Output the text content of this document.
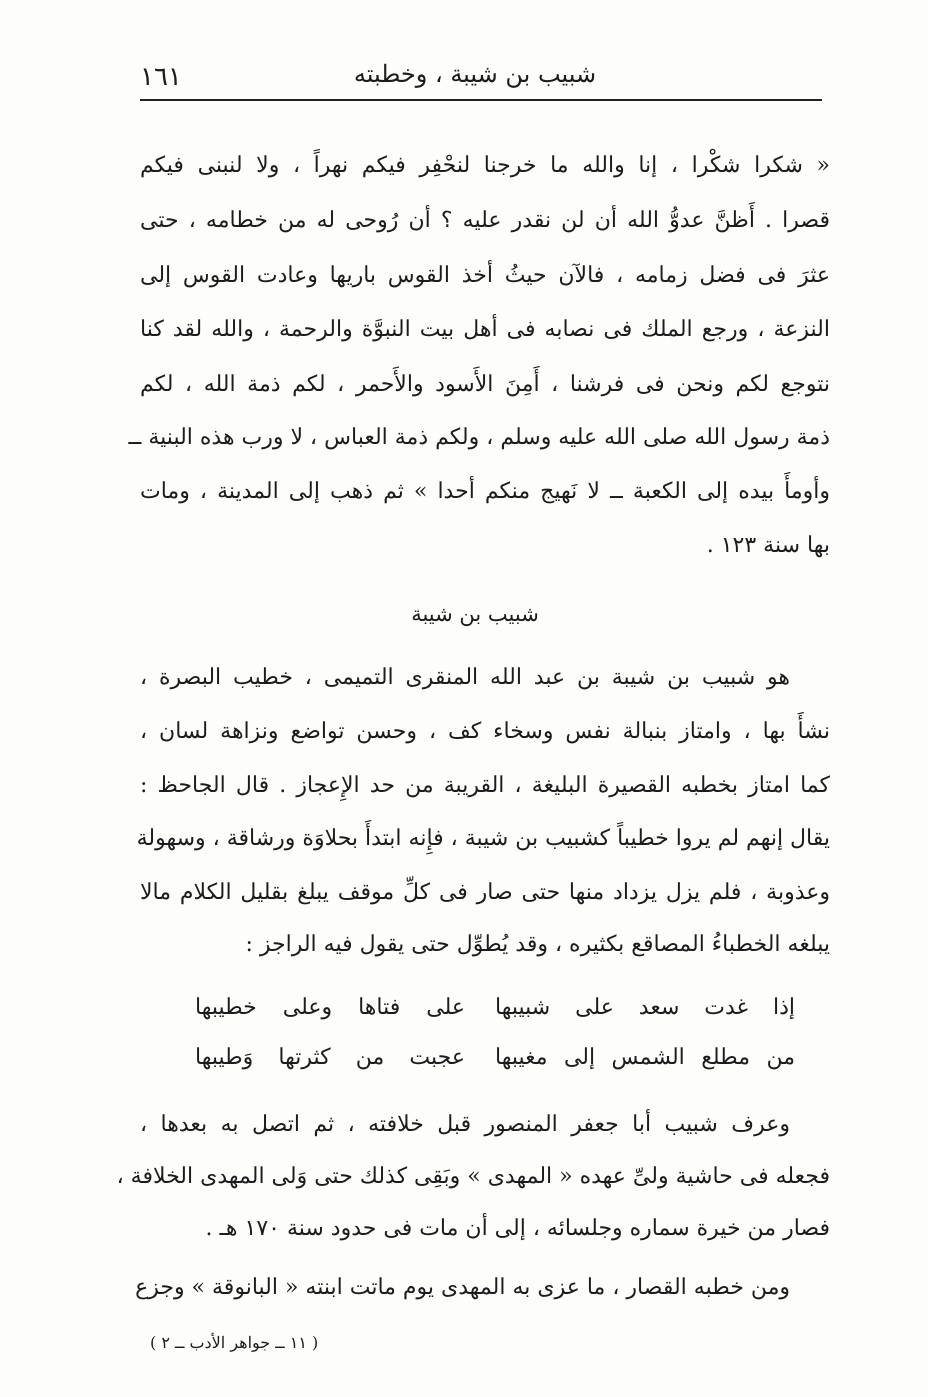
شبيب بن شيبة ، وخطبته
١٦١
« شكرا شكْرا ، إنا والله ما خرجنا لنحْفِر فيكم نهراً ، ولا لنبنى فيكم
قصرا . أَظنَّ عدوُّ الله أن لن نقدر عليه ؟ أن رُوحى له من خطامه ، حتى
عثرَ فى فضل زمامه ، فالآن حيثُ أخذ القوس باريها وعادت القوس إلى
النزعة ، ورجع الملك فى نصابه فى أهل بيت النبوَّة والرحمة ، والله لقد كنا
نتوجع لكم ونحن فى فرشنا ، أَمِنَ الأَسود والأَحمر ، لكم ذمة الله ، لكم
ذمة رسول الله صلى الله عليه وسلم ، ولكم ذمة العباس ، لا ورب هذه البنية ــ
وأومأَ بيده إلى الكعبة ــ لا نَهيج منكم أحدا » ثم ذهب إلى المدينة ، ومات
بها سنة ١٢٣ .
شبيب بن شيبة
هو شبيب بن شيبة بن عبد الله المنقرى التميمى ، خطيب البصرة ،
نشأَ بها ، وامتاز بنبالة نفس وسخاء كف ، وحسن تواضع ونزاهة لسان ،
كما امتاز بخطبه القصيرة البليغة ، القريبة من حد الإِعجاز . قال الجاحظ :
يقال إنهم لم يروا خطيباً كشبيب بن شيبة ، فإِنه ابتدأَ بحلاوَة ورشاقة ، وسهولة
وعذوبة ، فلم يزل يزداد منها حتى صار فى كلِّ موقف يبلغ بقليل الكلام مالا
يبلغه الخطباءُ المصاقع بكثيره ، وقد يُطوِّل حتى يقول فيه الراجز :
إذا غدت سعد على شبيبهاعلى فتاها وعلى خطيبها
من مطلع الشمس إلى مغيبهاعجبت من كثرتها وَطيبها
وعرف شبيب أبا جعفر المنصور قبل خلافته ، ثم اتصل به بعدها ،
فجعله فى حاشية ولىِّ عهده « المهدى » وبَقِى كذلك حتى وَلى المهدى الخلافة ،
فصار من خيرة سماره وجلسائه ، إلى أن مات فى حدود سنة ١٧٠ هـ .
ومن خطبه القصار ، ما عزى به المهدى يوم ماتت ابنته « البانوقة » وجزع
( ١١ ــ جواهر الأدب ــ ٢ )
